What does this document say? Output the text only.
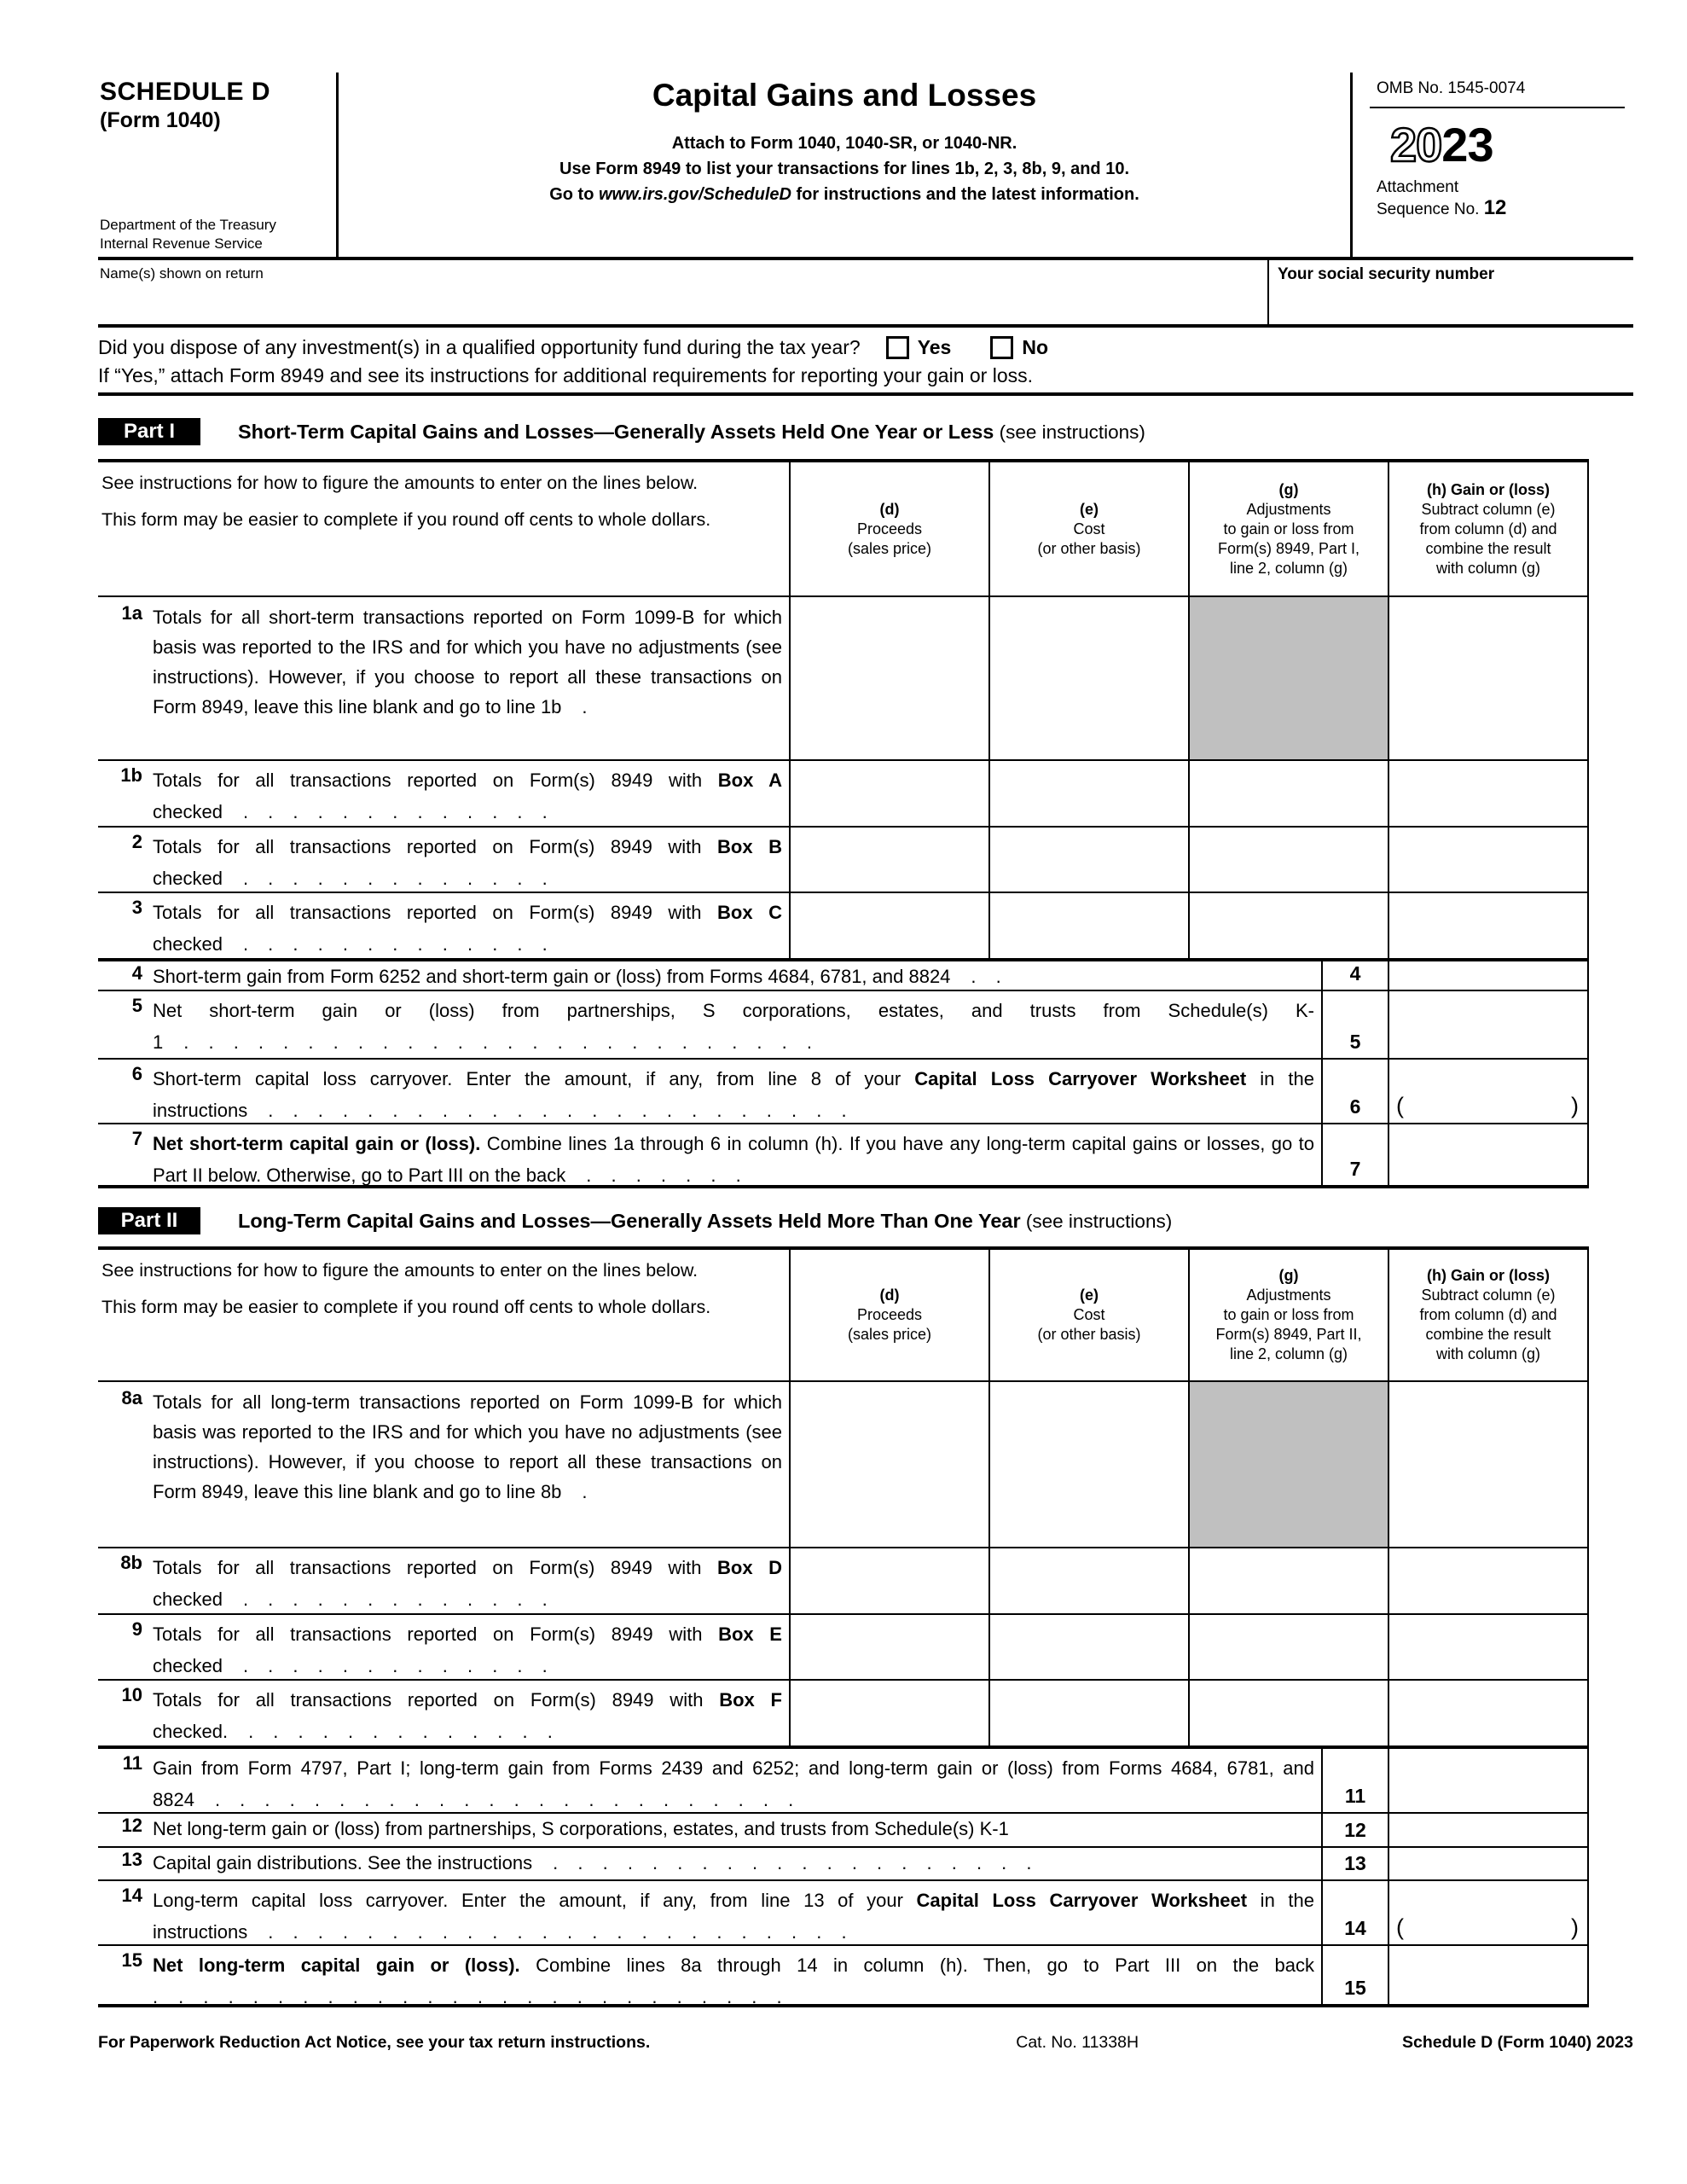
SCHEDULE D
(Form 1040)
Department of the Treasury
Internal Revenue Service
Capital Gains and Losses
Attach to Form 1040, 1040-SR, or 1040-NR.
Use Form 8949 to list your transactions for lines 1b, 2, 3, 8b, 9, and 10.
Go to www.irs.gov/ScheduleD for instructions and the latest information.
OMB No. 1545-0074
2023
Attachment
Sequence No. 12
Name(s) shown on return	Your social security number
Did you dispose of any investment(s) in a qualified opportunity fund during the tax year?	Yes	No
If “Yes,” attach Form 8949 and see its instructions for additional requirements for reporting your gain or loss.
Part I	Short-Term Capital Gains and Losses—Generally Assets Held One Year or Less (see instructions)

See instructions for how to figure the amounts to enter on the lines below.

This form may be easier to complete if you round off cents to whole dollars.

(d)
Proceeds
(sales price)
(e)
Cost
(or other basis)
(g)
Adjustments
to gain or loss from
Form(s) 8949, Part I,
line 2, column (g)
(h) Gain or (loss)
Subtract column (e)
from column (d) and
combine the result
with column (g)
1a Totals for all short-term transactions reported on Form 1099-B for which basis was reported to the IRS and for which you have no adjustments (see instructions). However, if you choose to report all these transactions on Form 8949, leave this line blank and go to line 1b .
1b Totals for all transactions reported on Form(s) 8949 with Box A checked . . . . . . . . . . . . .
2 Totals for all transactions reported on Form(s) 8949 with Box B checked . . . . . . . . . . . . .
3 Totals for all transactions reported on Form(s) 8949 with Box C checked . . . . . . . . . . . . .
4 Short-term gain from Form 6252 and short-term gain or (loss) from Forms 4684, 6781, and 8824 . .	4
5 Net short-term gain or (loss) from partnerships, S corporations, estates, and trusts from Schedule(s) K-1 . . . . . . . . . . . . . . . . . . . . . . . . . .	5
6 Short-term capital loss carryover. Enter the amount, if any, from line 8 of your Capital Loss Carryover Worksheet in the instructions . . . . . . . . . . . . . . . . . . . . . . . .	6	(	)
7 Net short-term capital gain or (loss). Combine lines 1a through 6 in column (h). If you have any long-term capital gains or losses, go to Part II below. Otherwise, go to Part III on the back . . . . . . .	7
Part II	Long-Term Capital Gains and Losses—Generally Assets Held More Than One Year (see instructions)

See instructions for how to figure the amounts to enter on the lines below.

This form may be easier to complete if you round off cents to whole dollars.

(d)
Proceeds
(sales price)
(e)
Cost
(or other basis)
(g)
Adjustments
to gain or loss from
Form(s) 8949, Part II,
line 2, column (g)
(h) Gain or (loss)
Subtract column (e)
from column (d) and
combine the result
with column (g)
8a Totals for all long-term transactions reported on Form 1099-B for which basis was reported to the IRS and for which you have no adjustments (see instructions). However, if you choose to report all these transactions on Form 8949, leave this line blank and go to line 8b .
8b Totals for all transactions reported on Form(s) 8949 with Box D checked . . . . . . . . . . . . .
9 Totals for all transactions reported on Form(s) 8949 with Box E checked . . . . . . . . . . . . .
10 Totals for all transactions reported on Form(s) 8949 with Box F checked. . . . . . . . . . . . . .
11 Gain from Form 4797, Part I; long-term gain from Forms 2439 and 6252; and long-term gain or (loss) from Forms 4684, 6781, and 8824 . . . . . . . . . . . . . . . . . . . . . . . .	11
12 Net long-term gain or (loss) from partnerships, S corporations, estates, and trusts from Schedule(s) K-1	12
13 Capital gain distributions. See the instructions . . . . . . . . . . . . . . . . . . . .	13
14 Long-term capital loss carryover. Enter the amount, if any, from line 13 of your Capital Loss Carryover Worksheet in the instructions . . . . . . . . . . . . . . . . . . . . . . . .	14	(	)
15 Net long-term capital gain or (loss). Combine lines 8a through 14 in column (h). Then, go to Part III on the back . . . . . . . . . . . . . . . . . . . . . . . . . .	15
For Paperwork Reduction Act Notice, see your tax return instructions.	Cat. No. 11338H	Schedule D (Form 1040) 2023
